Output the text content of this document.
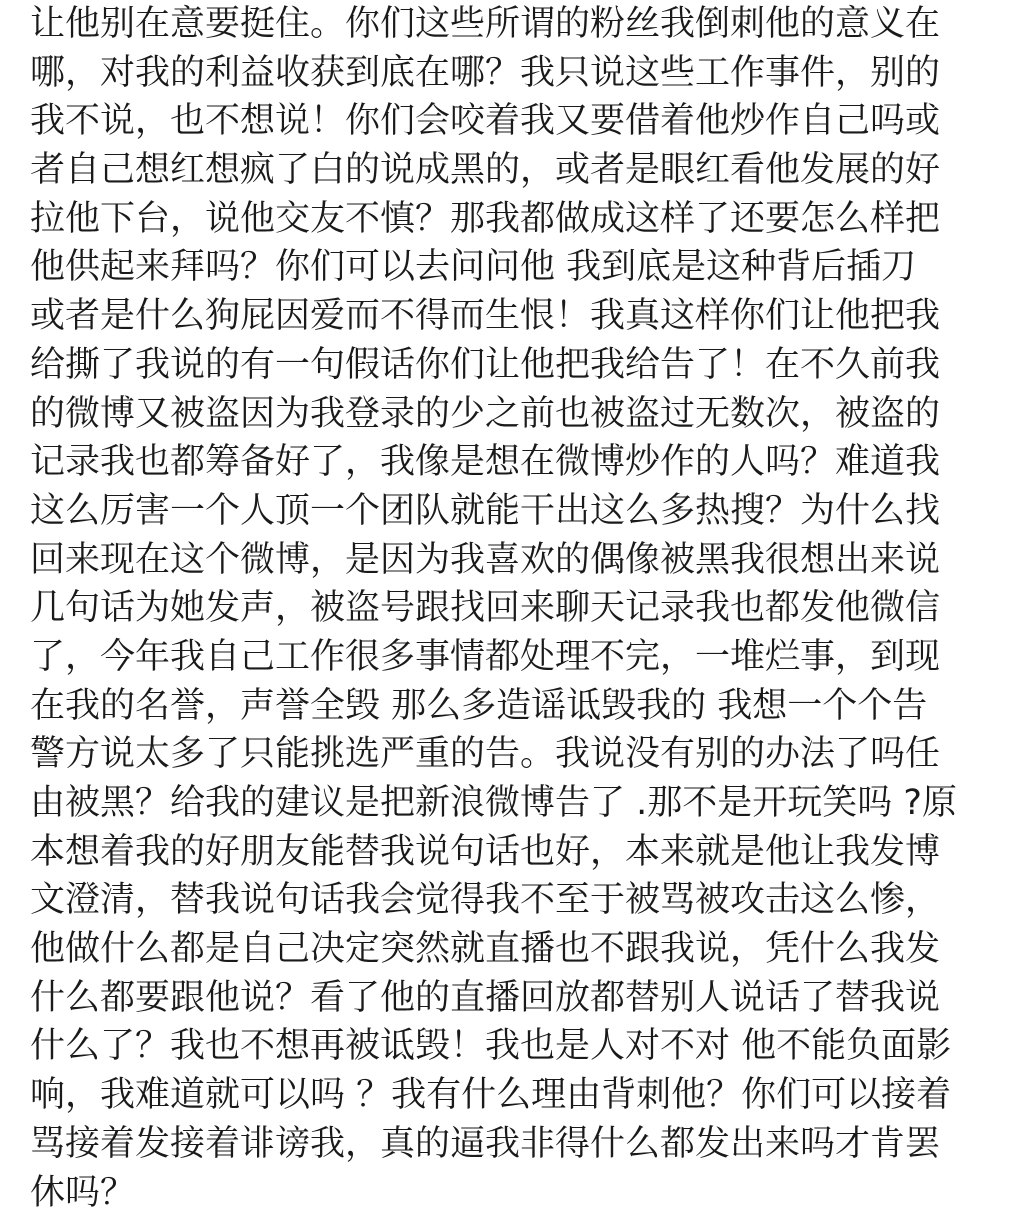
让他别在意要挺住。你们这些所谓的粉丝我倒刺他的意义在
哪，对我的利益收获到底在哪？我只说这些工作事件，别的
我不说，也不想说！你们会咬着我又要借着他炒作自己吗或
者自己想红想疯了白的说成黑的，或者是眼红看他发展的好
拉他下台，说他交友不慎？那我都做成这样了还要怎么样把
他供起来拜吗？你们可以去问问他 我到底是这种背后插刀
或者是什么狗屁因爱而不得而生恨！我真这样你们让他把我
给撕了我说的有一句假话你们让他把我给告了！在不久前我
的微博又被盗因为我登录的少之前也被盗过无数次，被盗的
记录我也都筹备好了，我像是想在微博炒作的人吗？难道我
这么厉害一个人顶一个团队就能干出这么多热搜？为什么找
回来现在这个微博，是因为我喜欢的偶像被黑我很想出来说
几句话为她发声，被盗号跟找回来聊天记录我也都发他微信
了，今年我自己工作很多事情都处理不完，一堆烂事，到现
在我的名誉，声誉全毁 那么多造谣诋毁我的 我想一个个告
警方说太多了只能挑选严重的告。我说没有别的办法了吗任
由被黑？给我的建议是把新浪微博告了 .那不是开玩笑吗 ?原
本想着我的好朋友能替我说句话也好，本来就是他让我发博
文澄清，替我说句话我会觉得我不至于被骂被攻击这么惨，
他做什么都是自己决定突然就直播也不跟我说，凭什么我发
什么都要跟他说？看了他的直播回放都替别人说话了替我说
什么了？我也不想再被诋毁！我也是人对不对 他不能负面影
响，我难道就可以吗 ？我有什么理由背刺他？你们可以接着
骂接着发接着诽谤我，真的逼我非得什么都发出来吗才肯罢
休吗？
